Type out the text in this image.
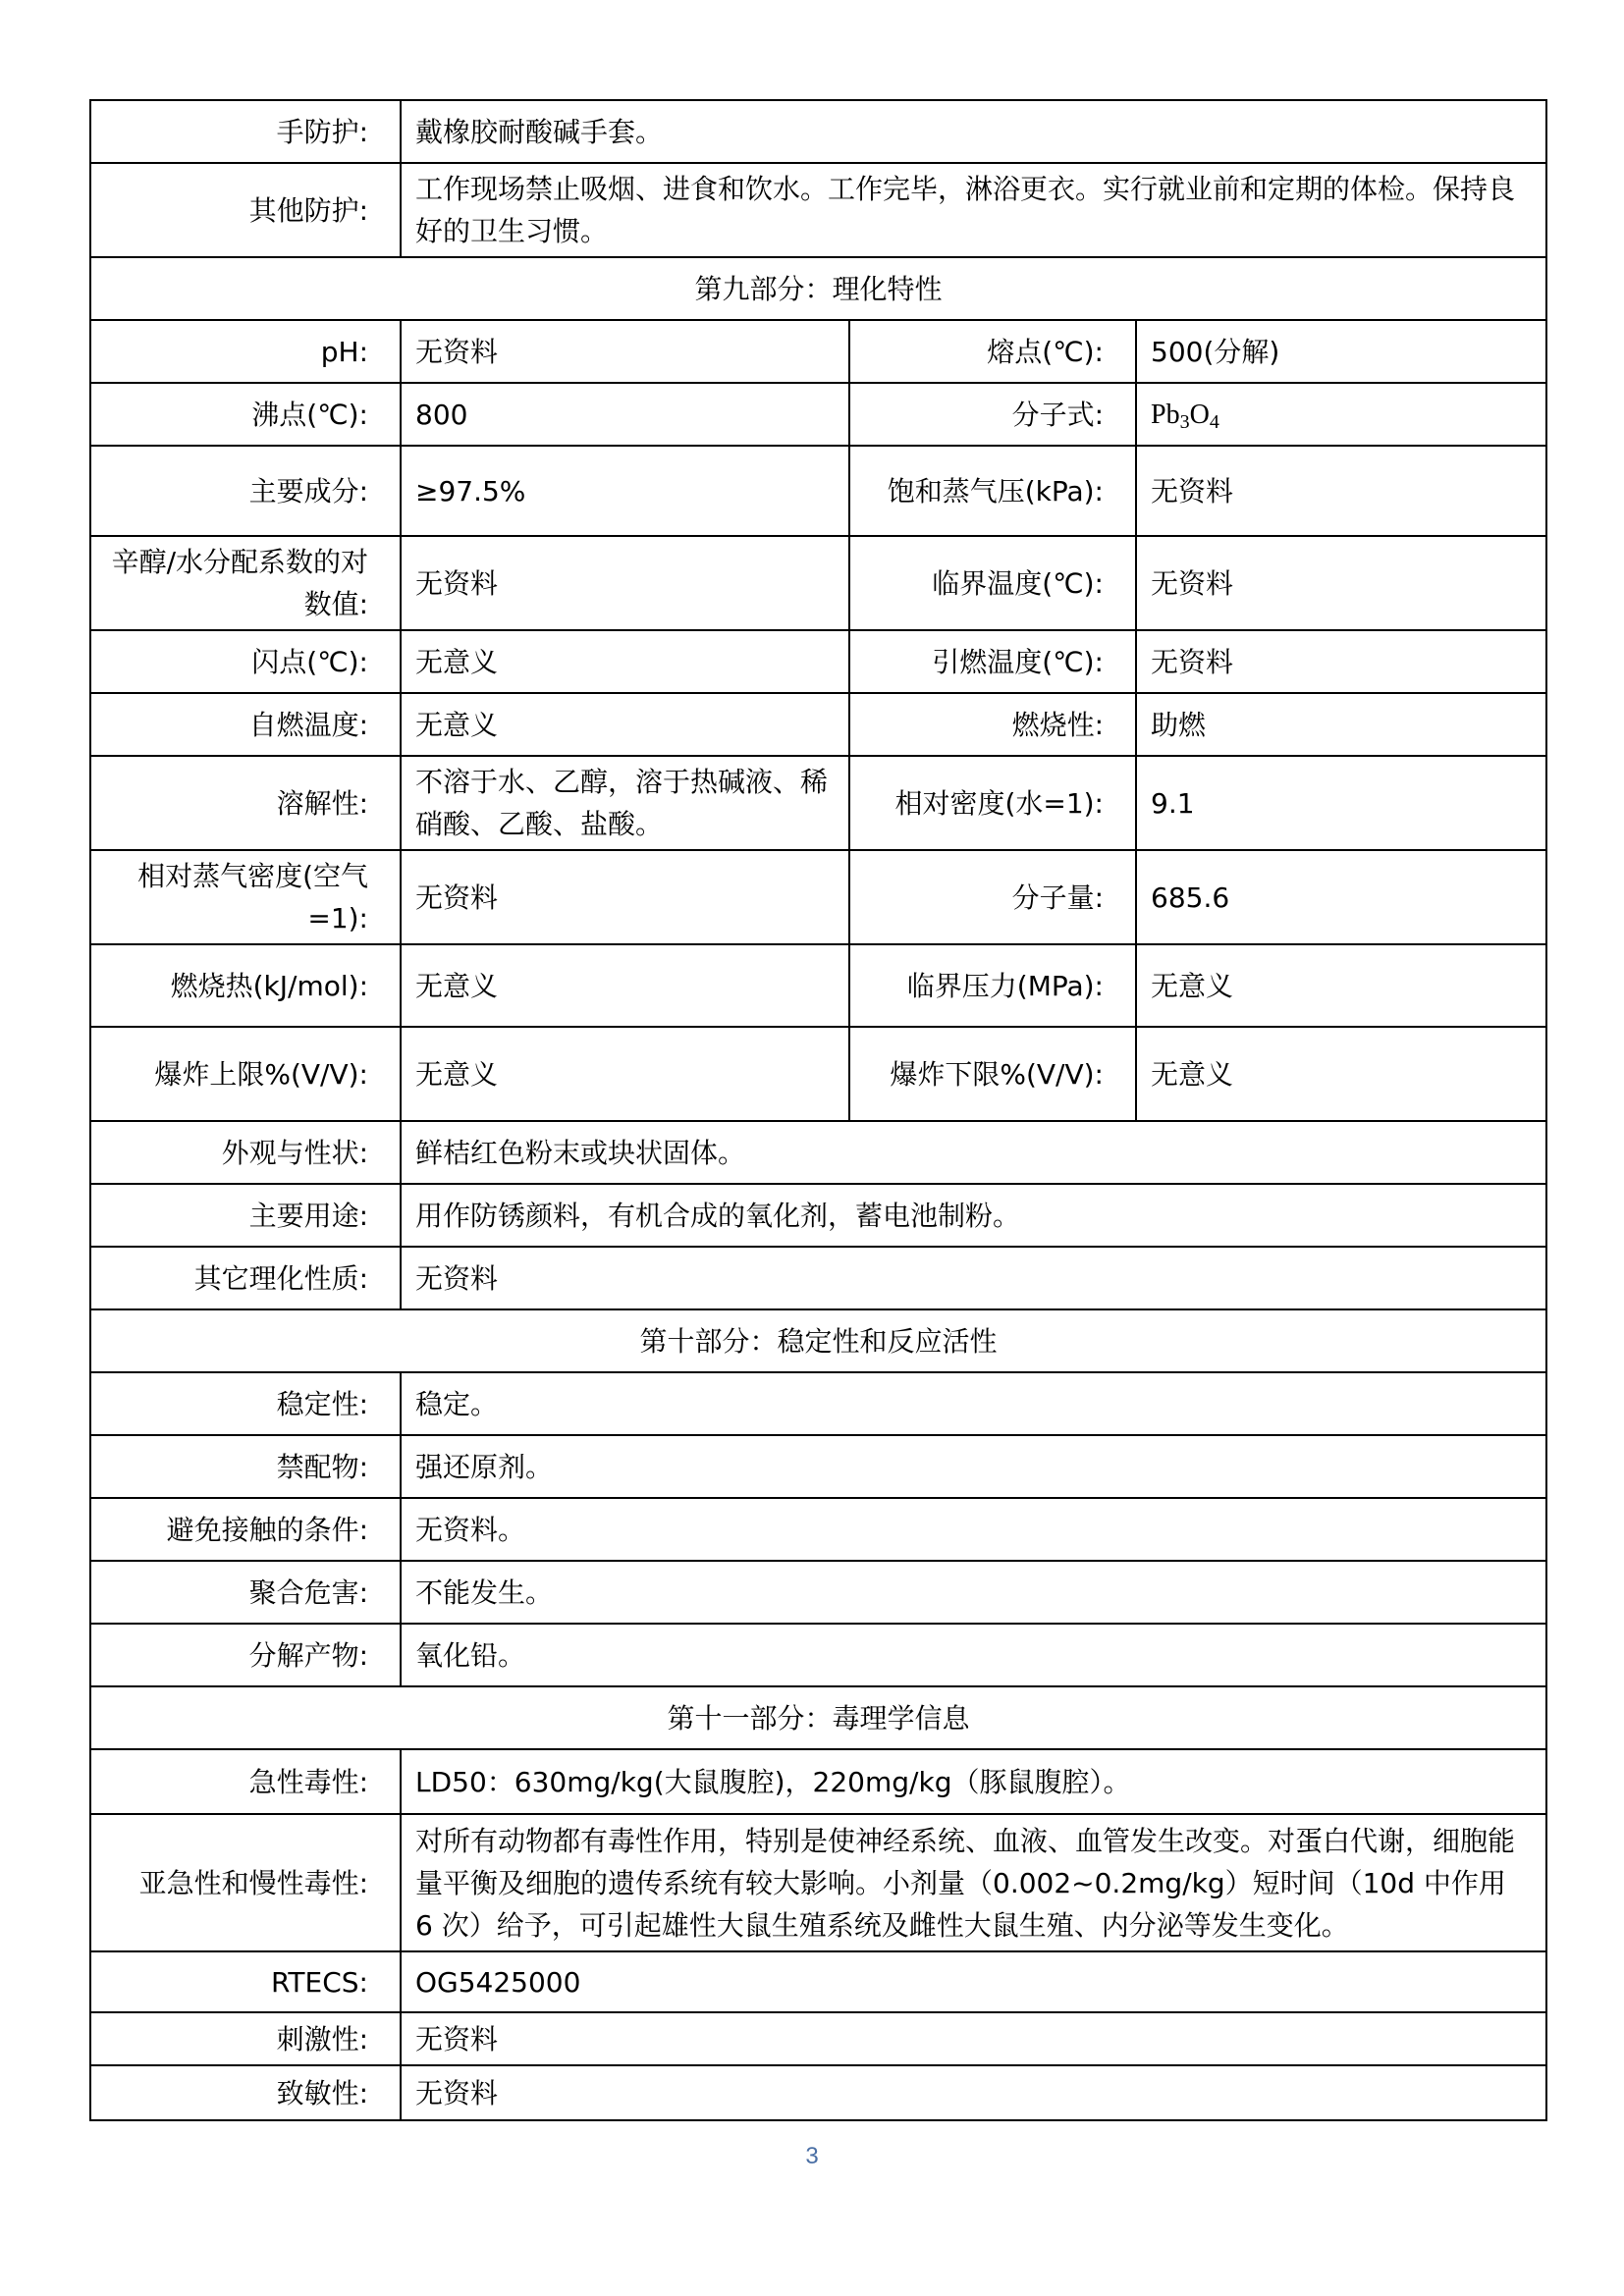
手防护:	戴橡胶耐酸碱手套。		
其他防护:	工作现场禁止吸烟、进食和饮水。工作完毕，淋浴更衣。实行就业前和定期的体检。保持良好的卫生习惯。		
第九部分：理化特性			
pH:	无资料	熔点(℃):	500(分解)
沸点(℃):	800	分子式:	$Pb_3O_4$
主要成分:	≥97.5%	饱和蒸气压(kPa):	无资料
辛醇/水分配系数的对数值:	无资料	临界温度(℃):	无资料
闪点(℃):	无意义	引燃温度(℃):	无资料
自燃温度:	无意义	燃烧性:	助燃
溶解性:	不溶于水、乙醇，溶于热碱液、稀硝酸、乙酸、盐酸。	相对密度(水=1):	9.1
相对蒸气密度(空气=1):	无资料	分子量:	685.6
燃烧热(kJ/mol):	无意义	临界压力(MPa):	无意义
爆炸上限%(V/V):	无意义	爆炸下限%(V/V):	无意义
外观与性状:	鲜桔红色粉末或块状固体。		
主要用途:	用作防锈颜料，有机合成的氧化剂，蓄电池制粉。		
其它理化性质:	无资料		
第十部分：稳定性和反应活性			
稳定性:	稳定。		
禁配物:	强还原剂。		
避免接触的条件:	无资料。		
聚合危害:	不能发生。		
分解产物:	氧化铅。		
第十一部分：毒理学信息			
急性毒性:	LD50：630mg/kg(大鼠腹腔)，220mg/kg（豚鼠腹腔）。		
亚急性和慢性毒性:	对所有动物都有毒性作用，特别是使神经系统、血液、血管发生改变。对蛋白代谢，细胞能量平衡及细胞的遗传系统有较大影响。小剂量（0.002~0.2mg/kg）短时间（10d 中作用 6 次）给予，可引起雄性大鼠生殖系统及雌性大鼠生殖、内分泌等发生变化。		
RTECS:	OG5425000		
刺激性:	无资料		
致敏性:	无资料		
3
